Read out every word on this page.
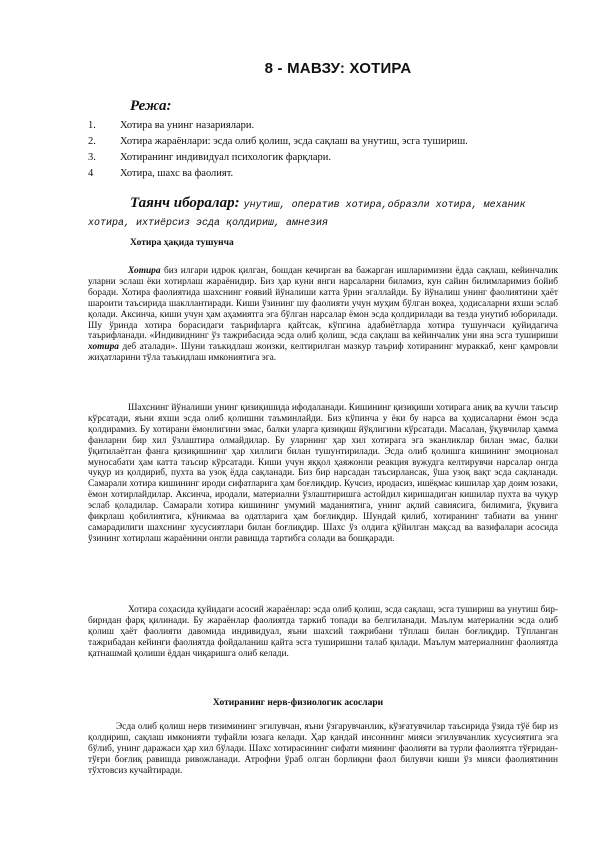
8 - МАВЗУ: ХОТИРА
Режа:
1.	Хотира ва унинг назариялари.
2.	Хотира жараёнлари: эсда олиб қолиш, эсда сақлаш ва унутиш, эсга тушириш.
3.	Хотиранинг индивидуал психологик фарқлари.
4	Хотира, шахс ва фаолият.
Таянч иборалар: унутиш, оператив хотира,образли хотира, механик хотира, ихтиёрсиз эсда қолдириш, амнезия
Хотира ҳақида тушунча

Хотира биз илгари идрок қилган, бошдан кечирган ва бажарган ишларимизни ёдда сақлаш, кейинчалик уларни эслаш ёки хотирлаш жараёнидир. Биз ҳар куни янги нарсаларни биламиз, кун сайин билимларимиз бойиб боради. Хотира фаолиятида шахснинг ғоявий йўналиши катта ўрин эгаллайди. Бу йўналиш унинг фаолиятини ҳаёт шароити таъсирида шакллантиради. Киши ўзининг шу фаолияти учун муҳим бўлган воқеа, ҳодисаларни яхши эслаб қолади. Аксинча, киши учун ҳам аҳамиятга эга бўлган нарсалар ёмон эсда қолдирилади ва тезда унутиб юборилади. Шу ўринда хотира борасидаги таърифларга қайтсак, кўпгина адабиётларда хотира тушунчаси қуйидагича таърифланади. «Индивиднинг ўз тажрибасида эсда олиб қолиш, эсда сақлаш ва кейинчалик уни яна эсга тушириши хотира деб аталади». Шуни таъкидлаш жоизки, келтирилган мазкур таъриф хотиранинг мураккаб, кенг қамровли жиҳатларини тўла таъкидлаш имкониятига эга.

Шахснинг йўналиши унинг қизиқишида ифодаланади. Кишининг қизиқиши хотирага аниқ ва кучли таъсир кўрсатади, яъни яхши эсда олиб қолишни таъминлайди. Биз кўпинча у ёки бу нарса ва ҳодисаларни ёмон эсда қолдирамиз. Бу хотирани ёмонлигини эмас, балки уларга қизиқиш йўқлигини кўрсатади. Масалан, ўқувчилар ҳамма фанларни бир хил ўзлаштира олмайдилар. Бу уларнинг ҳар хил хотирага эга эканликлар билан эмас, балки ўқитилаётган фанга қизиқишнинг ҳар хиллиги билан тушунтирилади. Эсда олиб қолишга кишининг эмоционал муносабати ҳам катта таъсир кўрсатади. Киши учун яққол ҳаяжонли реакция вужудга келтирувчи нарсалар онгда чуқур из қолдириб, пухта ва узоқ ёдда сақланади. Биз бир нарсадан таъсирлансак, ўша узоқ вақт эсда сақланади. Самарали хотира кишининг ироди сифатларига ҳам боғлиқдир. Кучсиз, иродасиз, ишёқмас кишилар ҳар доим юзаки, ёмон хотирлайдилар. Аксинча, иродали, материални ўзлаштиришга астойдил киришадиган кишилар пухта ва чуқур эслаб қоладилар. Самарали хотира кишининг умумий маданиятига, унинг ақлий савиясига, билимига, ўқувига фикрлаш қобилиятига, кўникмаа ва одатларига ҳам боғлиқдир. Шундай қилиб, хотиранинг табиати ва унинг самарадилиги шахснинг хусусиятлари билан боғлиқдир. Шахс ўз олдига қўйилган мақсад ва вазифалари асосида ўзининг хотирлаш жараёнини онгли равишда тартибга солади ва бошқаради.

Хотира соҳасида қуйидаги асосий жараёнлар: эсда олиб қолиш, эсда сақлаш, эсга тушириш ва унутиш бир-бирндан фарқ қилинади. Бу жараёнлар фаолиятда таркиб топади ва белгиланади. Маълум материални эсда олиб қолиш ҳаёт фаолияти давомида индивидуал, яъни шахсий тажрибани тўплаш билан боғлиқдир. Тўпланган тажрибадан кейинги фаолиятда фойдаланиш қайта эсга туширишни талаб қилади. Маълум материалнинг фаолиятда қатнашмай қолиши ёддан чиқаришга олиб келади.

Хотиранинг нерв-физиологик асослари

Эсда олиб қолиш нерв тизимининг эгилувчан, яъни ўзгарувчанлик, кўзғатувчилар таъсирида ўзида тўё бир из қолдириш, сақлаш имконияти туфайли юзага келади. Ҳар қандай инсоннинг мияси эгилувчанлик хусусиятига эга бўлиб, унинг даражаси ҳар хил бўлади. Шахс хотирасининг сифати миянинг фаолияти ва турли фаолиятга тўғридан-тўғри боғлиқ равишда ривожланади. Атрофни ўраб олган борлиқни фаол билувчи киши ўз мияси фаолиятинин тўхтовсиз кучайтиради.
